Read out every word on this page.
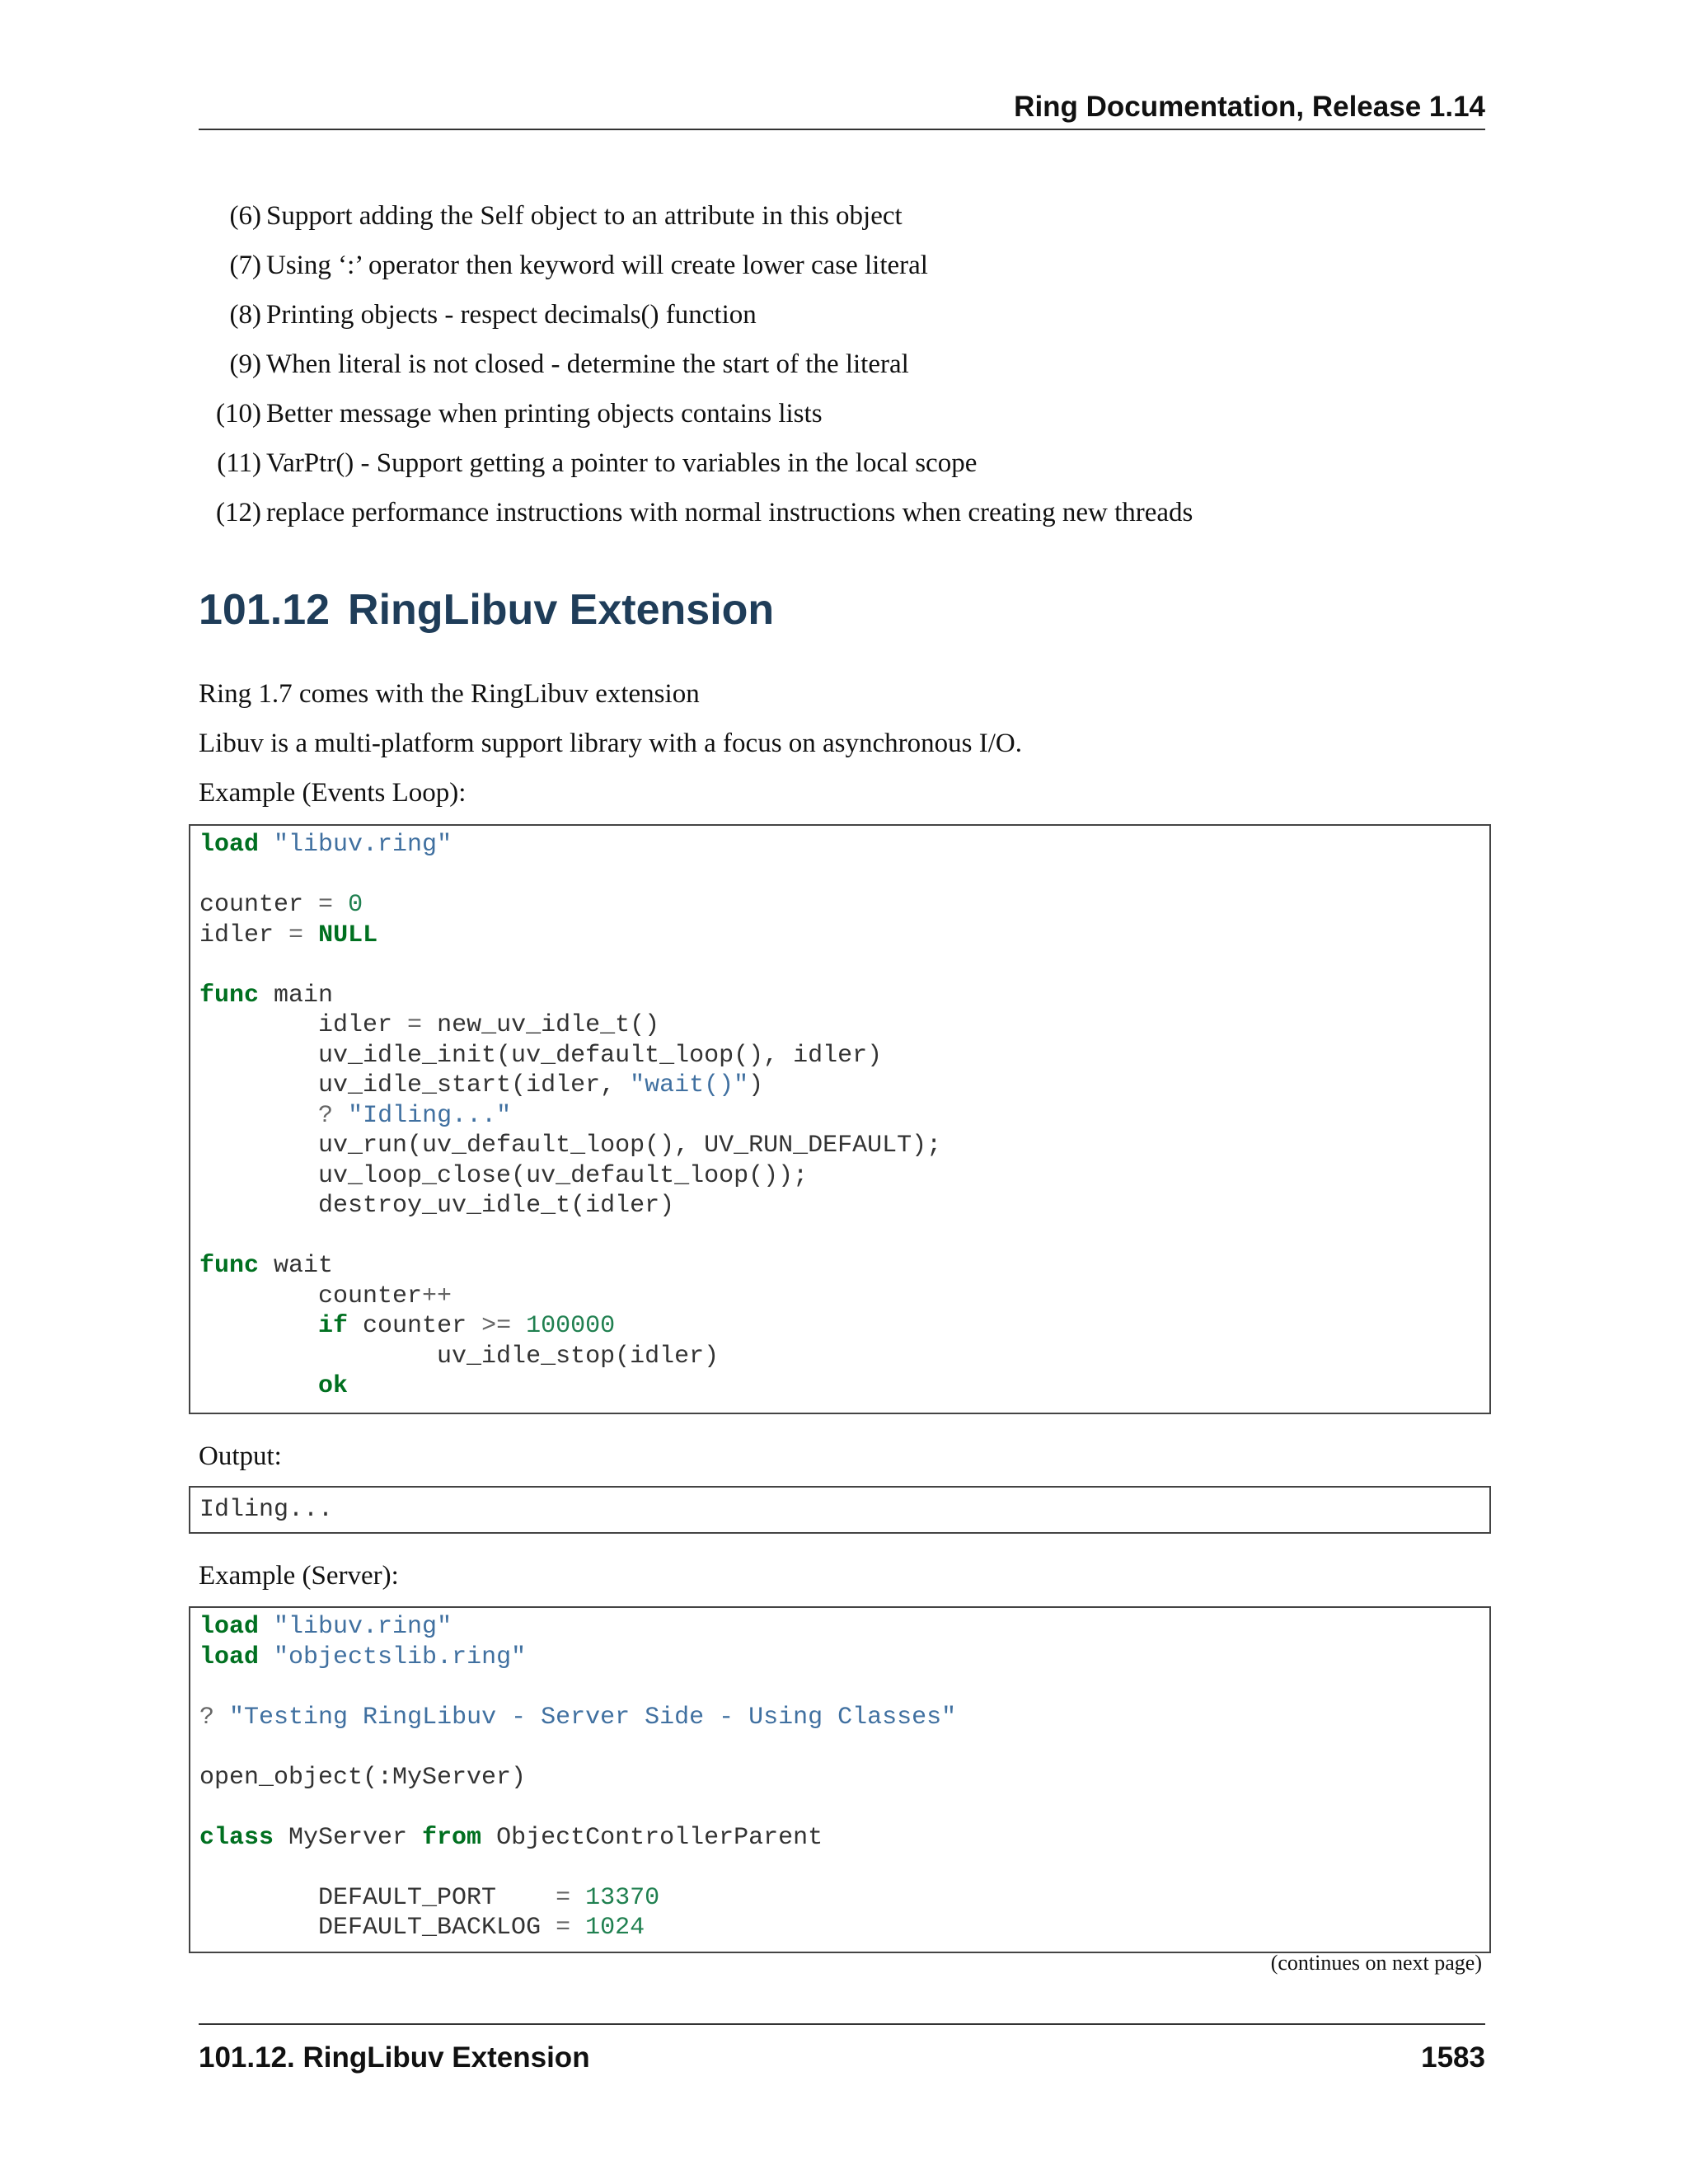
Ring Documentation, Release 1.14
(6) Support adding the Self object to an attribute in this object
(7) Using ‘:’ operator then keyword will create lower case literal
(8) Printing objects - respect decimals() function
(9) When literal is not closed - determine the start of the literal
(10) Better message when printing objects contains lists
(11) VarPtr() - Support getting a pointer to variables in the local scope
(12) replace performance instructions with normal instructions when creating new threads
101.12 RingLibuv Extension
Ring 1.7 comes with the RingLibuv extension
Libuv is a multi-platform support library with a focus on asynchronous I/O.
Example (Events Loop):
load "libuv.ring"

counter = 0
idler = NULL

func main
idler = new_uv_idle_t()
uv_idle_init(uv_default_loop(), idler)
uv_idle_start(idler, "wait()")
? "Idling..."
uv_run(uv_default_loop(), UV_RUN_DEFAULT);
uv_loop_close(uv_default_loop());
destroy_uv_idle_t(idler)

func wait
counter++
if counter >= 100000
uv_idle_stop(idler)
ok
Output:
Idling...
Example (Server):
load "libuv.ring"
load "objectslib.ring"

? "Testing RingLibuv - Server Side - Using Classes"

open_object(:MyServer)

class MyServer from ObjectControllerParent

DEFAULT_PORT    = 13370
DEFAULT_BACKLOG = 1024
(continues on next page)
101.12. RingLibuv Extension	1583
